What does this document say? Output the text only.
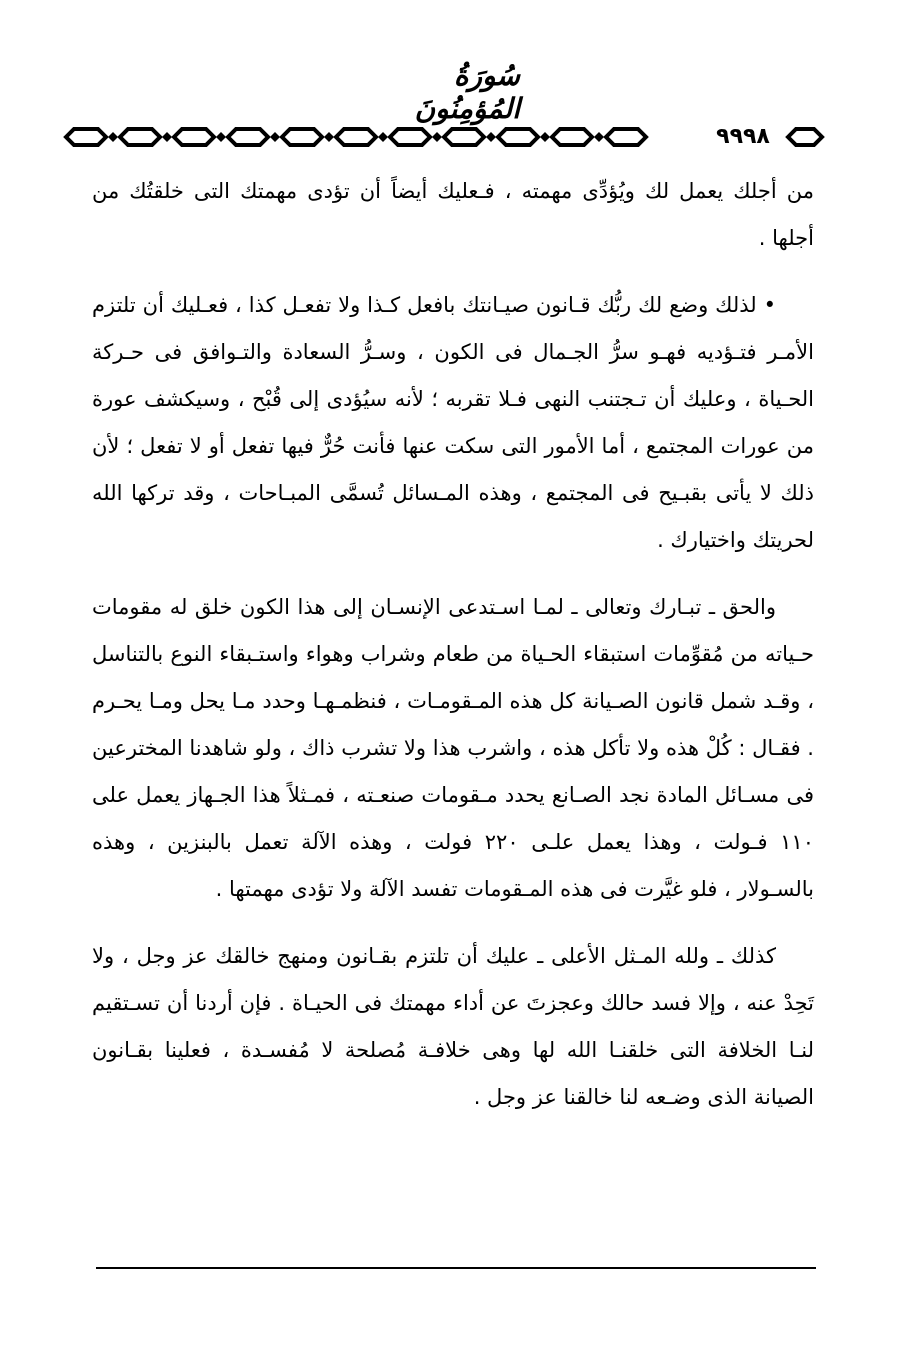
سُورَةُ المُؤمِنُونَ
٩٩٩٨

من أجلك يعمل لك ويُؤدِّى مهمته ، فـعليك أيضاً أن تؤدى مهمتك التى خلقتُك من أجلها .

• لذلك وضع لك ربُّك قـانون صيـانتك بافعل كـذا ولا تفعـل كذا ، فعـليك أن تلتزم الأمـر فتـؤديه فهـو سرُّ الجـمال فى الكون ، وسـرُّ السعادة والتـوافق فى حـركة الحـياة ، وعليك أن تـجتنب النهى فـلا تقربه ؛ لأنه سيُؤدى إلى قُبْح ، وسيكشف عورة من عورات المجتمع ، أما الأمور التى سكت عنها فأنت حُرٌّ فيها تفعل أو لا تفعل ؛ لأن ذلك لا يأتى بقبـيح فى المجتمع ، وهذه المـسائل تُسمَّى المبـاحات ، وقد تركها الله لحريتك واختيارك .

والحق ـ تبـارك وتعالى ـ لمـا اسـتدعى الإنسـان إلى هذا الكون خلق له مقومات حـياته من مُقوِّمات استبقاء الحـياة من طعام وشراب وهواء واستـبقاء النوع بالتناسل ، وقـد شمل قانون الصـيانة كل هذه المـقومـات ، فنظمـهـا وحدد مـا يحل ومـا يحـرم . فقـال : كُلْ هذه ولا تأكل هذه ، واشرب هذا ولا تشرب ذاك ، ولو شاهدنا المخترعين فى مسـائل المادة نجد الصـانع يحدد مـقومات صنعـته ، فمـثلاً هذا الجـهاز يعمل على ١١٠ فـولت ، وهذا يعمل علـى ٢٢٠ فولت ، وهذه الآلة تعمل بالبنزين ، وهذه بالسـولار ، فلو غيَّرت فى هذه المـقومات تفسد الآلة ولا تؤدى مهمتها .

كذلك ـ ولله المـثل الأعلى ـ عليك أن تلتزم بقـانون ومنهج خالقك عز وجل ، ولا تَحِدْ عنه ، وإلا فسد حالك وعجزتَ عن أداء مهمتك فى الحيـاة . فإن أردنا أن تسـتقيم لنـا الخلافة التى خلقنـا الله لها وهى خلافـة مُصلحة لا مُفسـدة ، فعلينا بقـانون الصيانة الذى وضـعه لنا خالقنا عز وجل .
